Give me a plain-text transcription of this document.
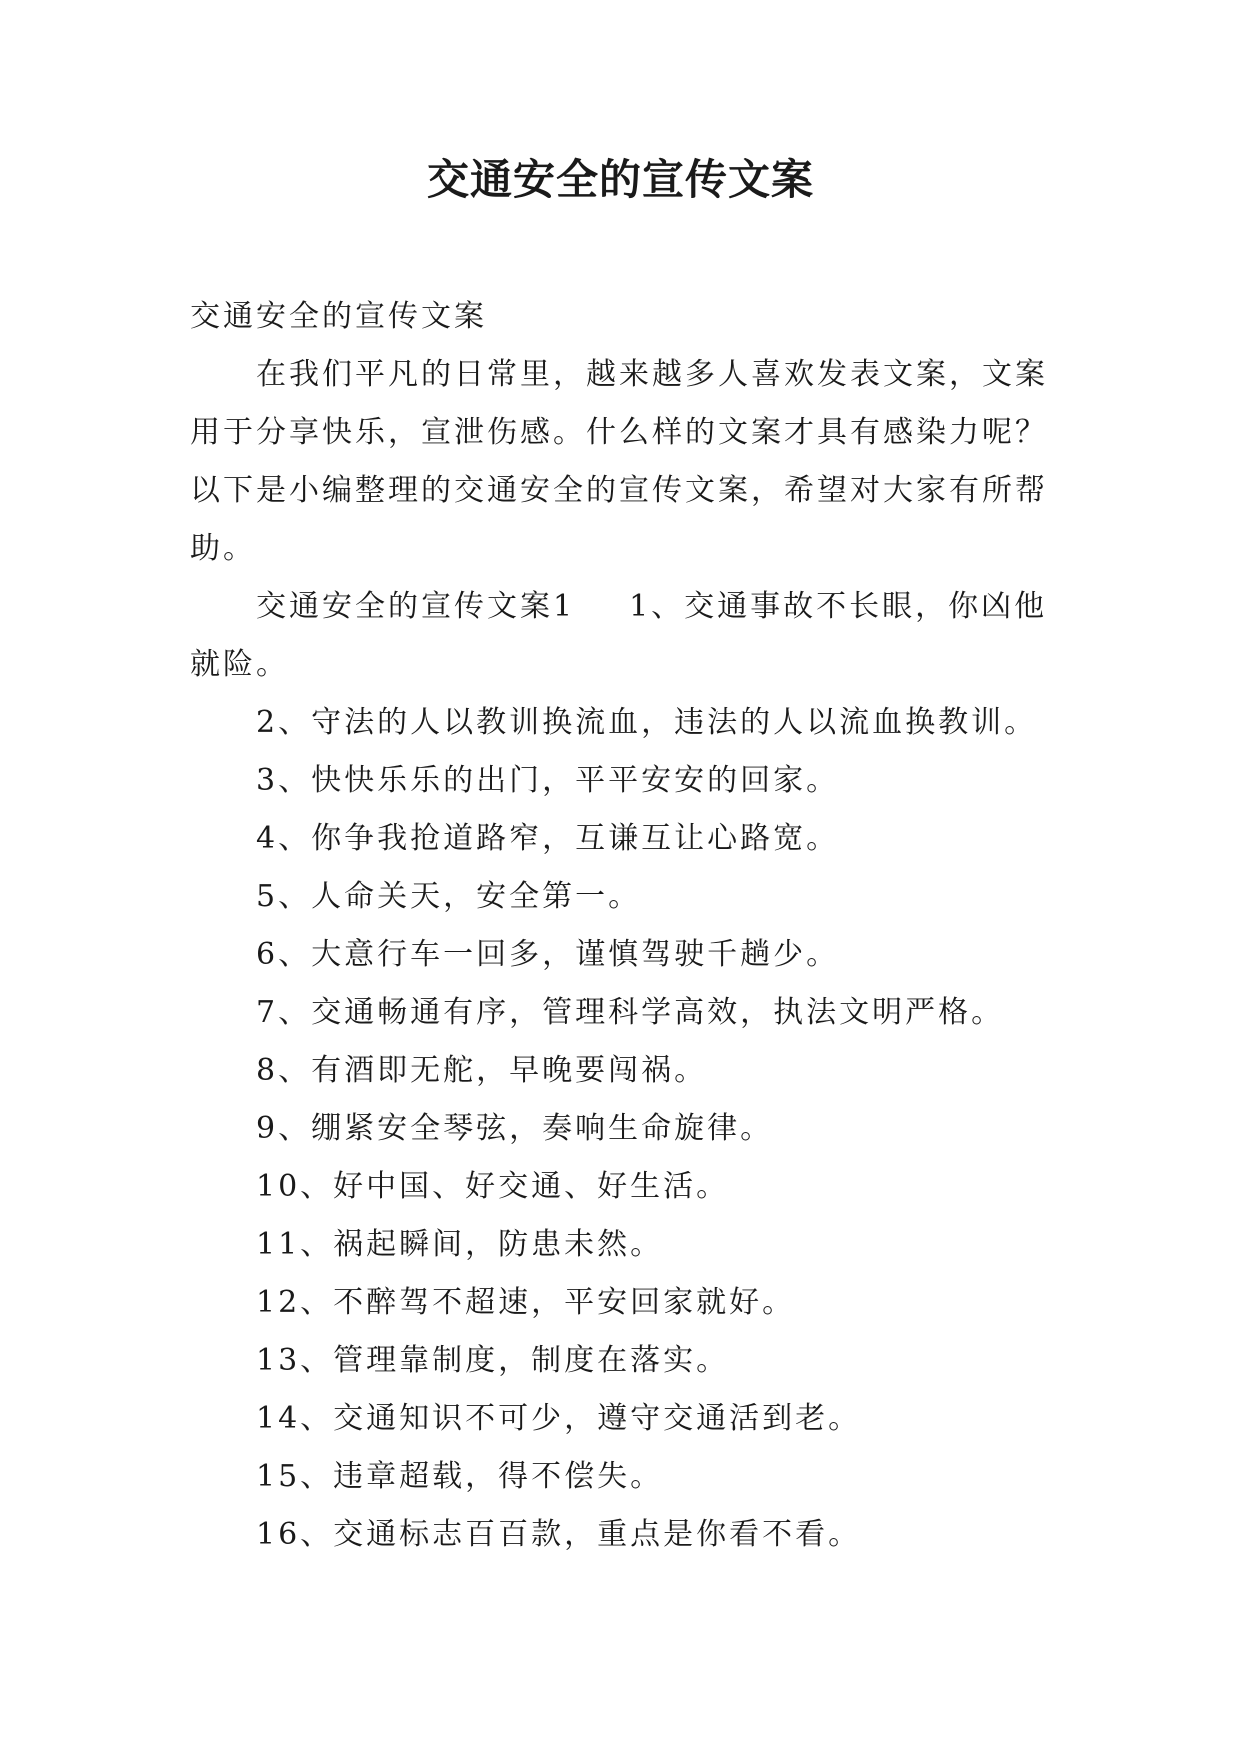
交通安全的宣传文案

交通安全的宣传文案

在我们平凡的日常里，越来越多人喜欢发表文案，文案用于分享快乐，宣泄伤感。什么样的文案才具有感染力呢？以下是小编整理的交通安全的宣传文案，希望对大家有所帮助。

交通安全的宣传文案1 1、交通事故不长眼，你凶他就险。

2、守法的人以教训换流血，违法的人以流血换教训。

3、快快乐乐的出门，平平安安的回家。

4、你争我抢道路窄，互谦互让心路宽。

5、人命关天，安全第一。

6、大意行车一回多，谨慎驾驶千趟少。

7、交通畅通有序，管理科学高效，执法文明严格。

8、有酒即无舵，早晚要闯祸。

9、绷紧安全琴弦，奏响生命旋律。

10、好中国、好交通、好生活。

11、祸起瞬间，防患未然。

12、不醉驾不超速，平安回家就好。

13、管理靠制度，制度在落实。

14、交通知识不可少，遵守交通活到老。

15、违章超载，得不偿失。

16、交通标志百百款，重点是你看不看。
